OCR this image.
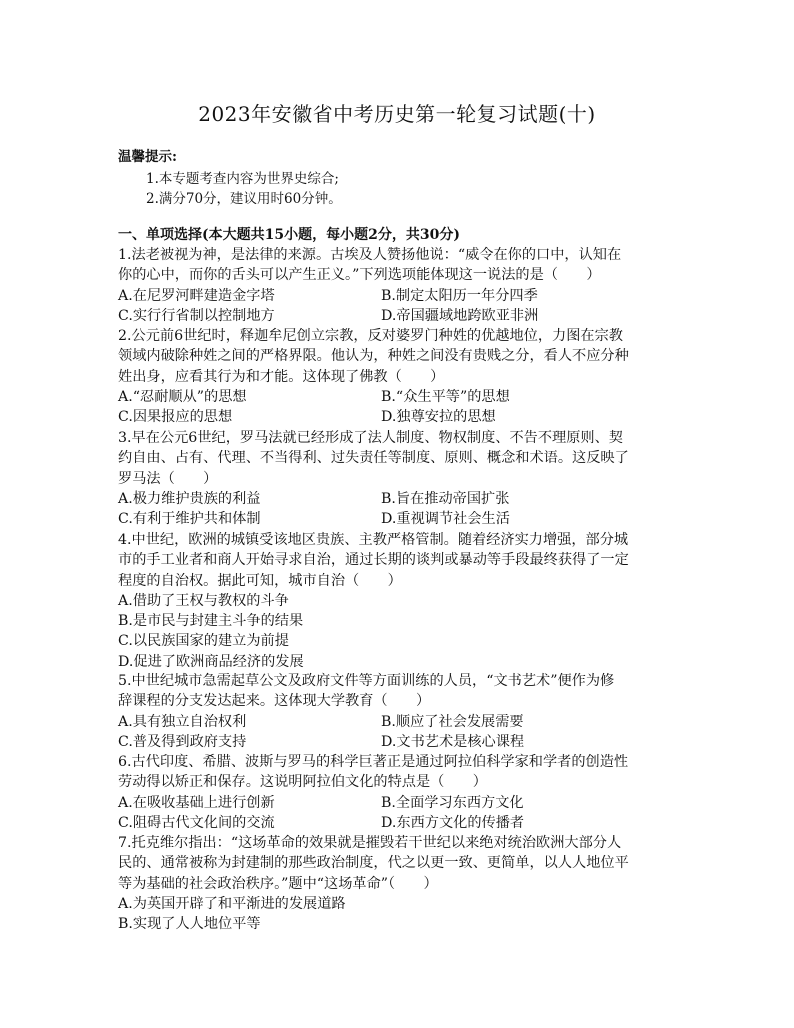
2023年安徽省中考历史第一轮复习试题(十)
温馨提示:
1.本专题考查内容为世界史综合;
2.满分70分，建议用时60分钟。
一、单项选择(本大题共15小题，每小题2分，共30分)

1.法老被视为神，是法律的来源。古埃及人赞扬他说：“威令在你的口中，认知在

你的心中，而你的舌头可以产生正义。”下列选项能体现这一说法的是（　　）

A.在尼罗河畔建造金字塔	B.制定太阳历一年分四季
C.实行行省制以控制地方	D.帝国疆域地跨欧亚非洲

2.公元前6世纪时，释迦牟尼创立宗教，反对婆罗门种姓的优越地位，力图在宗教

领域内破除种姓之间的严格界限。他认为，种姓之间没有贵贱之分，看人不应分种

姓出身，应看其行为和才能。这体现了佛教（　　）

A.“忍耐顺从”的思想	B.“众生平等”的思想
C.因果报应的思想	D.独尊安拉的思想

3.早在公元6世纪，罗马法就已经形成了法人制度、物权制度、不告不理原则、契

约自由、占有、代理、不当得利、过失责任等制度、原则、概念和术语。这反映了

罗马法（　　）

A.极力维护贵族的利益	B.旨在推动帝国扩张
C.有利于维护共和体制	D.重视调节社会生活

4.中世纪，欧洲的城镇受该地区贵族、主教严格管制。随着经济实力增强，部分城

市的手工业者和商人开始寻求自治，通过长期的谈判或暴动等手段最终获得了一定

程度的自治权。据此可知，城市自治（　　）

A.借助了王权与教权的斗争
B.是市民与封建主斗争的结果
C.以民族国家的建立为前提
D.促进了欧洲商品经济的发展

5.中世纪城市急需起草公文及政府文件等方面训练的人员，“文书艺术”便作为修

辞课程的分支发达起来。这体现大学教育（　　）

A.具有独立自治权利	B.顺应了社会发展需要
C.普及得到政府支持	D.文书艺术是核心课程

6.古代印度、希腊、波斯与罗马的科学巨著正是通过阿拉伯科学家和学者的创造性

劳动得以矫正和保存。这说明阿拉伯文化的特点是（　　）

A.在吸收基础上进行创新	B.全面学习东西方文化
C.阻碍古代文化间的交流	D.东西方文化的传播者

7.托克维尔指出：“这场革命的效果就是摧毁若干世纪以来绝对统治欧洲大部分人

民的、通常被称为封建制的那些政治制度，代之以更一致、更简单，以人人地位平

等为基础的社会政治秩序。”题中“这场革命”（　　）

A.为英国开辟了和平渐进的发展道路
B.实现了人人地位平等
